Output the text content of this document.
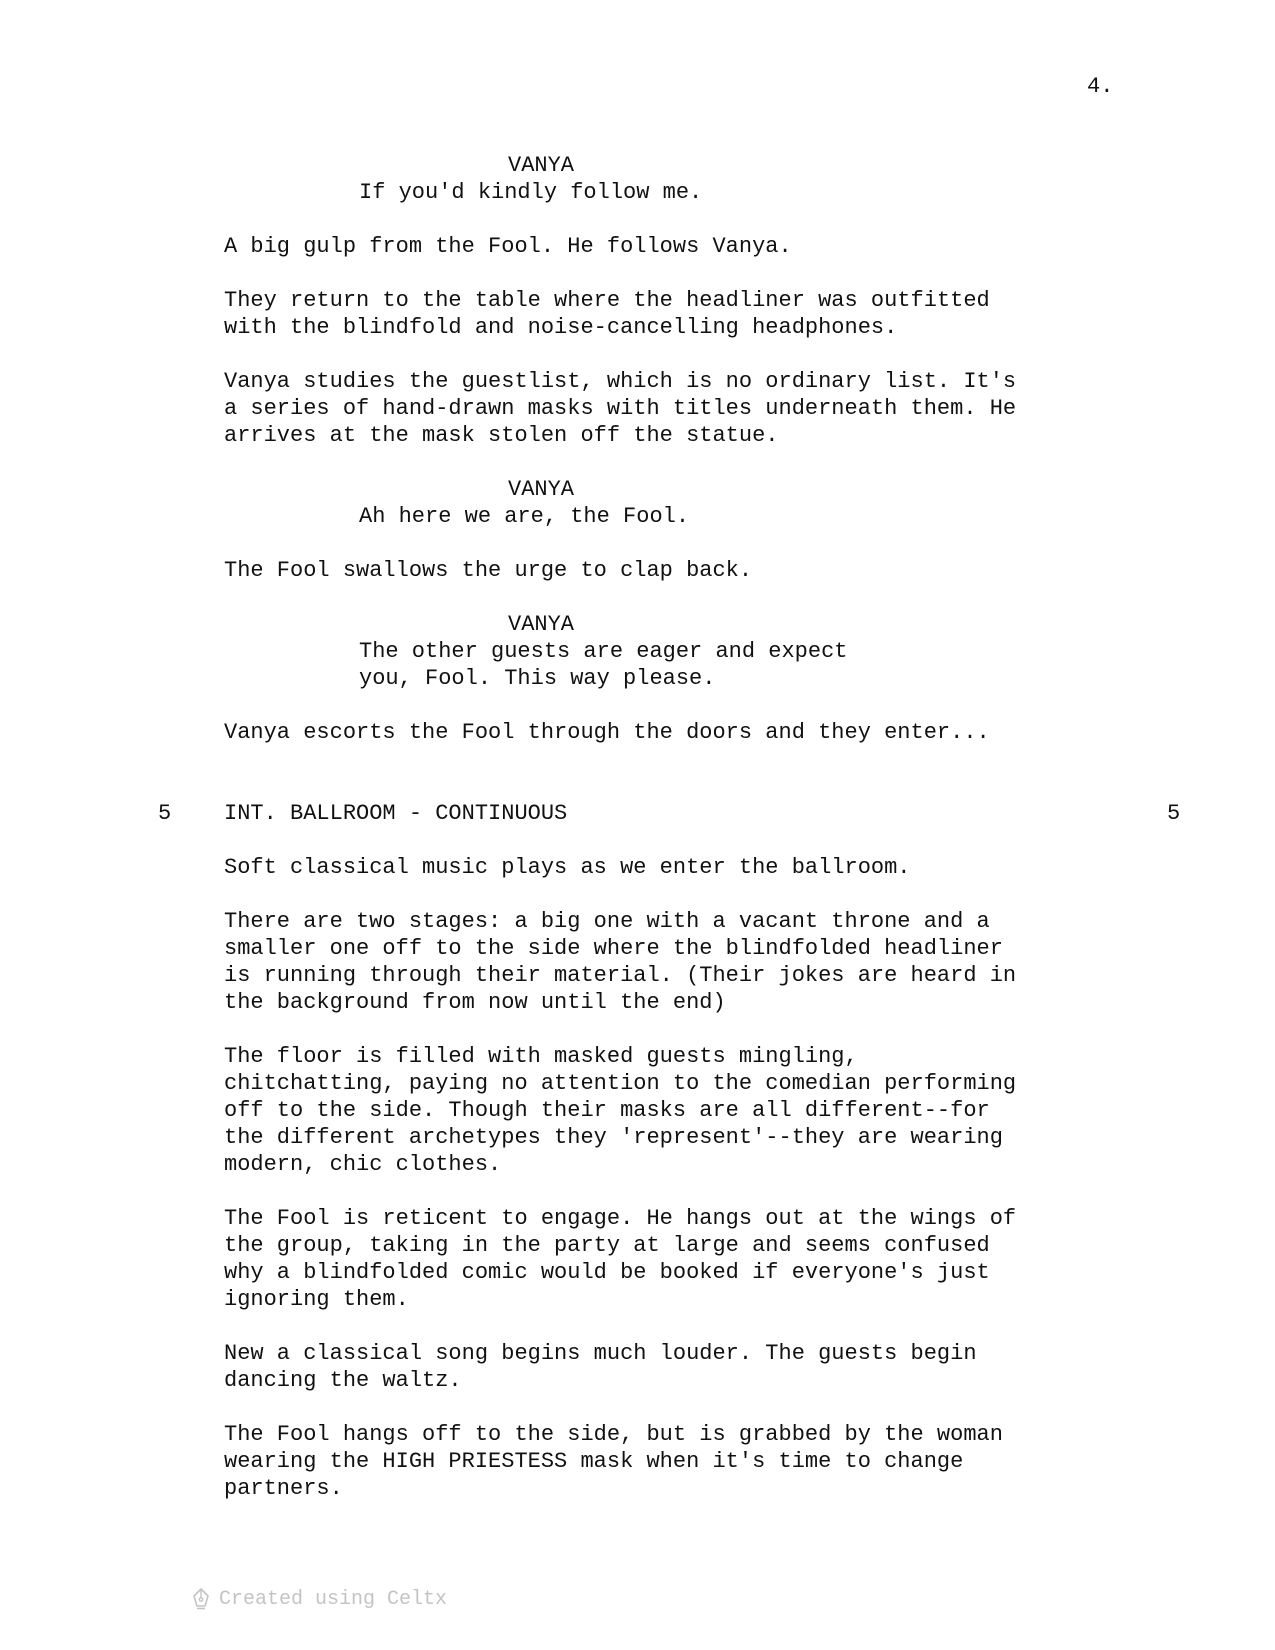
4.
VANYA
If you'd kindly follow me.
A big gulp from the Fool. He follows Vanya.
They return to the table where the headliner was outfitted
with the blindfold and noise-cancelling headphones.
Vanya studies the guestlist, which is no ordinary list. It's
a series of hand-drawn masks with titles underneath them. He
arrives at the mask stolen off the statue.
VANYA
Ah here we are, the Fool.
The Fool swallows the urge to clap back.
VANYA
The other guests are eager and expect
you, Fool. This way please.
Vanya escorts the Fool through the doors and they enter...

5

INT. BALLROOM - CONTINUOUS

	5

Soft classical music plays as we enter the ballroom.
There are two stages: a big one with a vacant throne and a
smaller one off to the side where the blindfolded headliner
is running through their material. (Their jokes are heard in
the background from now until the end)
The floor is filled with masked guests mingling,
chitchatting, paying no attention to the comedian performing
off to the side. Though their masks are all different--for
the different archetypes they 'represent'--they are wearing
modern, chic clothes.
The Fool is reticent to engage. He hangs out at the wings of
the group, taking in the party at large and seems confused
why a blindfolded comic would be booked if everyone's just
ignoring them.
New a classical song begins much louder. The guests begin
dancing the waltz.
The Fool hangs off to the side, but is grabbed by the woman
wearing the HIGH PRIESTESS mask when it's time to change
partners.
Created using Celtx
